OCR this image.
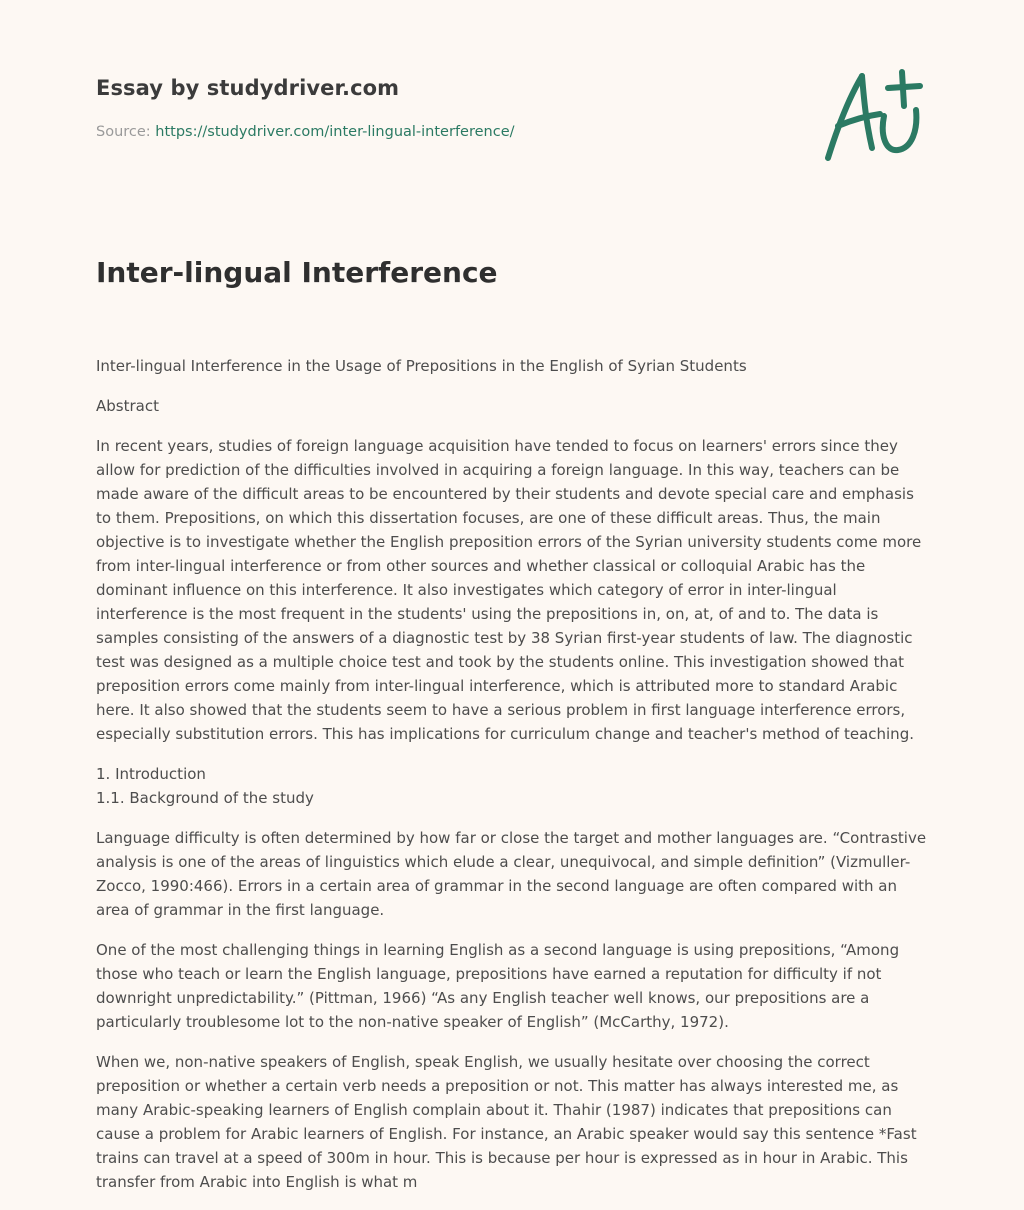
Essay by studydriver.com
Source: https://studydriver.com/inter-lingual-interference/
Inter-lingual Interference

Inter-lingual Interference in the Usage of Prepositions in the English of Syrian Students

Abstract

In recent years, studies of foreign language acquisition have tended to focus on learners' errors since they allow for prediction of the difficulties involved in acquiring a foreign language. In this way, teachers can be made aware of the difficult areas to be encountered by their students and devote special care and emphasis to them. Prepositions, on which this dissertation focuses, are one of these difficult areas. Thus, the main objective is to investigate whether the English preposition errors of the Syrian university students come more from inter-lingual interference or from other sources and whether classical or colloquial Arabic has the dominant influence on this interference. It also investigates which category of error in inter-lingual interference is the most frequent in the students' using the prepositions in, on, at, of and to. The data is samples consisting of the answers of a diagnostic test by 38 Syrian first-year students of law. The diagnostic test was designed as a multiple choice test and took by the students online. This investigation showed that preposition errors come mainly from inter-lingual interference, which is attributed more to standard Arabic here. It also showed that the students seem to have a serious problem in first language interference errors, especially substitution errors. This has implications for curriculum change and teacher's method of teaching.

1. Introduction
1.1. Background of the study

Language difficulty is often determined by how far or close the target and mother languages are. “Contrastive analysis is one of the areas of linguistics which elude a clear, unequivocal, and simple definition” (Vizmuller-Zocco, 1990:466). Errors in a certain area of grammar in the second language are often compared with an area of grammar in the first language.

One of the most challenging things in learning English as a second language is using prepositions, “Among those who teach or learn the English language, prepositions have earned a reputation for difficulty if not downright unpredictability.” (Pittman, 1966) “As any English teacher well knows, our prepositions are a particularly troublesome lot to the non-native speaker of English” (McCarthy, 1972).

When we, non-native speakers of English, speak English, we usually hesitate over choosing the correct preposition or whether a certain verb needs a preposition or not. This matter has always interested me, as many Arabic-speaking learners of English complain about it. Thahir (1987) indicates that prepositions can cause a problem for Arabic learners of English. For instance, an Arabic speaker would say this sentence *Fast trains can travel at a speed of 300m in hour. This is because per hour is expressed as in hour in Arabic. This transfer from Arabic into English is what m
